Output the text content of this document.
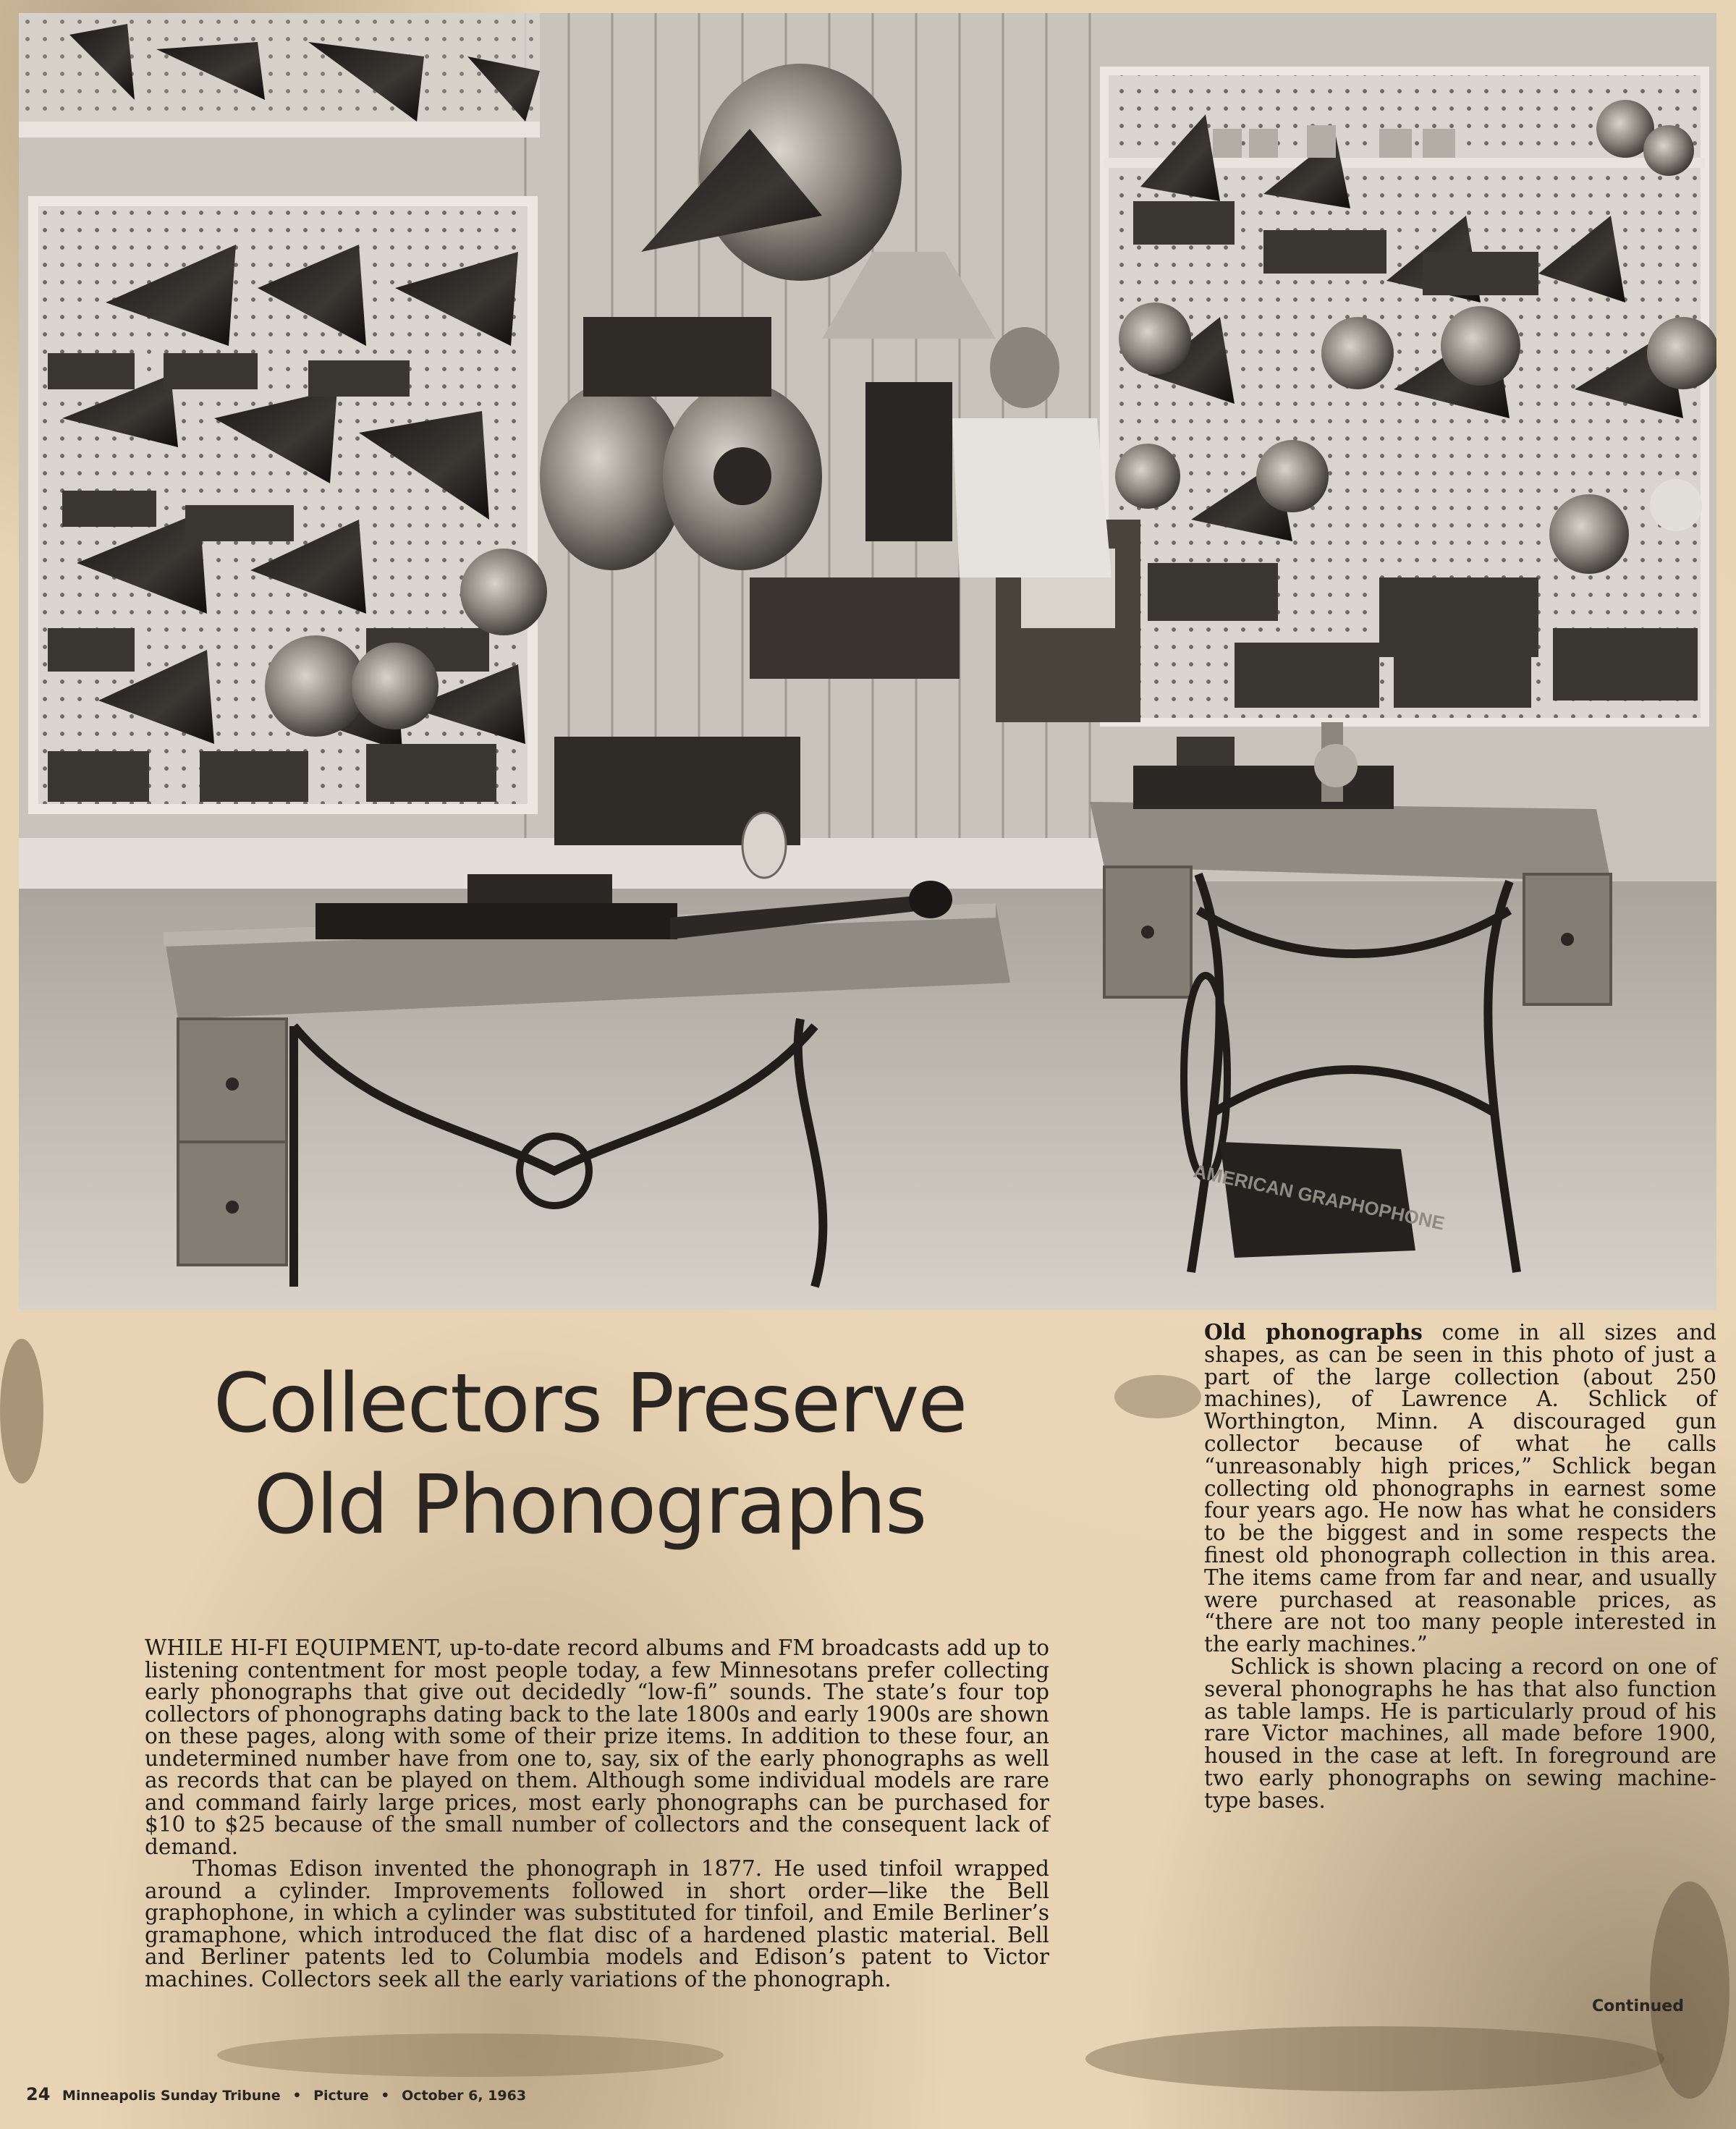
AMERICAN GRAPHOPHONE
Collectors Preserve
Old Phonographs

WHILE HI-FI EQUIPMENT, up-to-date record albums and FM broadcasts add up to listening contentment for most people today, a few Minnesotans prefer collecting early phonographs that give out decidedly “low-fi” sounds. The state’s four top collectors of phonographs dating back to the late 1800s and early 1900s are shown on these pages, along with some of their prize items. In addition to these four, an undetermined number have from one to, say, six of the early phonographs as well as records that can be played on them. Although some individual models are rare and command fairly large prices, most early phonographs can be purchased for $10 to $25 because of the small number of collectors and the consequent lack of demand.

Thomas Edison invented the phonograph in 1877. He used tinfoil wrapped around a cylinder. Improvements followed in short order—like the Bell graphophone, in which a cylinder was substituted for tinfoil, and Emile Berliner’s gramaphone, which introduced the flat disc of a hardened plastic material. Bell and Berliner patents led to Columbia models and Edison’s patent to Victor machines. Collectors seek all the early variations of the phonograph.

Old phonographs come in all sizes and shapes, as can be seen in this photo of just a part of the large collection (about 250 machines), of Lawrence A. Schlick of Worthington, Minn. A discouraged gun collector because of what he calls “unreasonably high prices,” Schlick began collecting old phonographs in earnest some four years ago. He now has what he considers to be the biggest and in some respects the finest old phonograph collection in this area. The items came from far and near, and usually were purchased at reasonable prices, as “there are not too many people interested in the early machines.”

Schlick is shown placing a record on one of several phonographs he has that also function as table lamps. He is particularly proud of his rare Victor machines, all made before 1900, housed in the case at left. In foreground are two early phonographs on sewing machine-type bases.

Continued
24 Minneapolis Sunday Tribune • Picture • October 6, 1963
